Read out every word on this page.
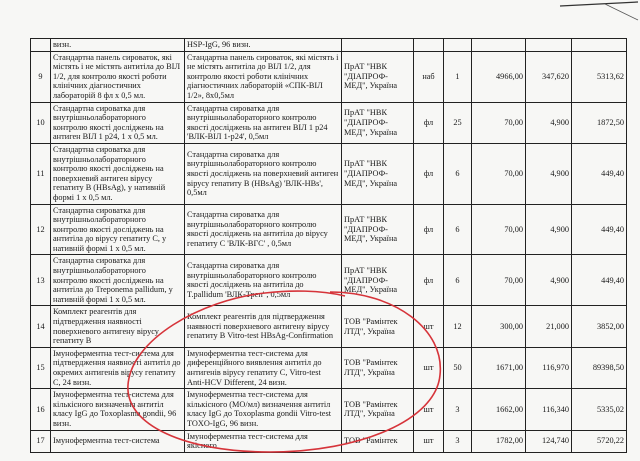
	визн.	HSP-IgG, 96 визн.						
9	Стандартна панель сироваток, які містять і не містять антитіла до ВІЛ 1/2, для контролю якості роботи клінічних діагностичних лабораторій 8 фл х 0,5 мл.	Стандартна панель сироваток, які містять і не містять антитіла до ВІЛ 1/2, для контролю якості роботи клінічних діагностичних лабораторій «СПК-ВІЛ 1/2», 8х0,5мл	ПрАТ "НВК "ДІАПРОФ-МЕД", Україна	наб	1	4966,00	347,620	5313,62
10	Стандартна сироватка для внутрішньолабораторного контролю якості досліджень на антиген ВІЛ 1 р24, 1 х 0,5 мл.	Стандартна сироватка для внутрішньолабораторного контролю якості досліджень на антиген ВІЛ 1 р24 'ВЛК-ВІЛ 1-р24', 0,5мл	ПрАТ "НВК "ДІАПРОФ-МЕД", Україна	фл	25	70,00	4,900	1872,50
11	Стандартна сироватка для внутрішньолабораторного контролю якості досліджень на поверхневий антиген вірусу гепатиту В (HBsAg), у нативній формі 1 х 0,5 мл.	Стандартна сироватка для внутрішньолабораторного контролю якості досліджень на поверхневий антиген вірусу гепатиту В (HBsAg) 'ВЛК-HBs', 0,5мл	ПрАТ "НВК "ДІАПРОФ-МЕД", Україна	фл	6	70,00	4,900	449,40
12	Стандартна сироватка для внутрішньолабораторного контролю якості досліджень на антитіла до вірусу гепатиту С, у нативній формі 1 х 0,5 мл.	Стандартна сироватка для внутрішньолабораторного контролю якості досліджень на антитіла до вірусу гепатиту С 'ВЛК-ВГС' , 0,5мл	ПрАТ "НВК "ДІАПРОФ-МЕД", Україна	фл	6	70,00	4,900	449,40
13	Стандартна сироватка для внутрішньолабораторного контролю якості досліджень на антитіла до Treponema pallidum, у нативній формі 1 х 0,5 мл.	Стандартна сироватка для внутрішньолабораторного контролю якості досліджень на антитіла до T.pallidum 'ВЛК-Треп' , 0,5мл	ПрАТ "НВК "ДІАПРОФ-МЕД", Україна	фл	6	70,00	4,900	449,40
14	Комплект реагентів для підтвердження наявності поверхневого антигену вірусу гепатиту В	Комплект реагентів для підтвердження наявності поверхневого антигену вірусу гепатиту В Vitro-test HBsAg-Confirmation	ТОВ "Рамінтек ЛТД", Україна	шт	12	300,00	21,000	3852,00
15	Імуноферментна тест-система для підтвердження наявності антитіл до окремих антигенів вірусу гепатиту С, 24 визн.	Імуноферментна тест-система для диференційного виявлення антитіл до антигенів вірусу гепатиту С, Vitro-test Anti-HCV Different, 24 визн.	ТОВ "Рамінтек ЛТД", Україна	шт	50	1671,00	116,970	89398,50
16	Імуноферментна тест-система для кількісного визначення антитіл класу IgG до Toxoplasma gondii, 96 визн.	Імуноферментна тест-система для кількісного (МО/мл) визначення антитіл класу IgG до Toxoplasma gondii Vitro-test TOXO-IgG, 96 визн.	ТОВ "Рамінтек ЛТД", Україна	шт	3	1662,00	116,340	5335,02
17	Імуноферментна тест-система	Імуноферментна тест-система для якісного	ТОВ "Рамінтек	шт	3	1782,00	124,740	5720,22
